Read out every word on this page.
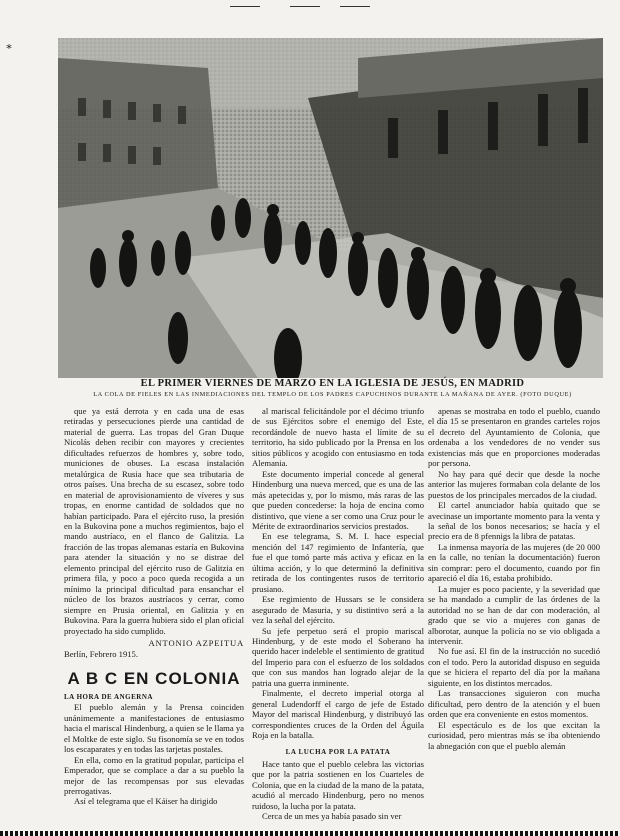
⁎
EL PRIMER VIERNES DE MARZO EN LA IGLESIA DE JESÚS, EN MADRID
LA COLA DE FIELES EN LAS INMEDIACIONES DEL TEMPLO DE LOS PADRES CAPUCHINOS DURANTE LA MAÑANA DE AYER. (FOTO DUQUE)

que ya está derrota y en cada una de esas retiradas y persecuciones pierde una cantidad de material de guerra. Las tropas del Gran Duque Nicolás deben recibir con mayores y crecientes dificultades refuerzos de hombres y, sobre todo, municiones de obuses. La escasa instalación metalúrgica de Rusia hace que sea tributaria de otros países. Una brecha de su escasez, sobre todo en material de aprovisionamiento de víveres y sus tropas, en enorme cantidad de soldados que no habían participado. Para el ejército ruso, la presión en la Bukovina pone a muchos regimientos, bajo el mando austríaco, en el flanco de Galitzia. La fracción de las tropas alemanas estaría en Bukovina para atender la situación y no se distrae del elemento principal del ejército ruso de Galitzia en primera fila, y poco a poco queda recogida a un mínimo la principal dificultad para ensanchar el núcleo de los brazos austríacos y cerrar, como siempre en Prusia oriental, en Galitzia y en Bukovina. Para la guerra hubiera sido el plan oficial proyectado ha sido cumplido.

ANTONIO AZPEITUA
Berlín, Febrero 1915.
A B C EN COLONIA

LA HORA DE ANGERNA

El pueblo alemán y la Prensa coinciden unánimemente a manifestaciones de entusiasmo hacia el mariscal Hindenburg, a quien se le llama ya el Moltke de este siglo. Su fisonomía se ve en todos los escaparates y en todas las tarjetas postales.

En ella, como en la gratitud popular, participa el Emperador, que se complace a dar a su pueblo la mejor de las recompensas por sus elevadas prerrogativas.

Así el telegrama que el Káiser ha dirigido

al mariscal felicitándole por el décimo triunfo de sus Ejércitos sobre el enemigo del Este, recordándole de nuevo hasta el límite de su territorio, ha sido publicado por la Prensa en los sitios públicos y acogido con entusiasmo en toda Alemania.

Este documento imperial concede al general Hindenburg una nueva merced, que es una de las más apetecidas y, por lo mismo, más raras de las que pueden concederse: la hoja de encina como distintivo, que viene a ser como una Cruz pour le Mérite de extraordinarios servicios prestados.

En ese telegrama, S. M. I. hace especial mención del 147 regimiento de Infantería, que fue el que tomó parte más activa y eficaz en la última acción, y lo que determinó la definitiva retirada de los contingentes rusos de territorio prusiano.

Ese regimiento de Hussars se le considera asegurado de Masuria, y su distintivo será a la vez la señal del ejército.

Su jefe perpetuo será el propio mariscal Hindenburg, y de este modo el Soberano ha querido hacer indeleble el sentimiento de gratitud del Imperio para con el esfuerzo de los soldados que con sus mandos han logrado alejar de la patria una guerra inminente.

Finalmente, el decreto imperial otorga al general Ludendorff el cargo de jefe de Estado Mayor del mariscal Hindenburg, y distribuyó las correspondientes cruces de la Orden del Águila Roja en la batalla.

LA LUCHA POR LA PATATA

Hace tanto que el pueblo celebra las victorias que por la patria sostienen en los Cuarteles de Colonia, que en la ciudad de la mano de la patata, acudió al mercado Hindenburg, pero no menos ruidoso, la lucha por la patata.

Cerca de un mes ya había pasado sin ver

apenas se mostraba en todo el pueblo, cuando el día 15 se presentaron en grandes carteles rojos el decreto del Ayuntamiento de Colonia, que ordenaba a los vendedores de no vender sus existencias más que en proporciones moderadas por persona.

No hay para qué decir que desde la noche anterior las mujeres formaban cola delante de los puestos de los principales mercados de la ciudad.

El cartel anunciador había quitado que se avecinase un importante momento para la venta y la señal de los bonos necesarios; se hacía y el precio era de 8 pfennigs la libra de patatas.

La inmensa mayoría de las mujeres (de 20 000 en la calle, no tenían la documentación) fueron sin comprar: pero el documento, cuando por fin apareció el día 16, estaba prohibido.

La mujer es poco paciente, y la severidad que se ha mandado a cumplir de las órdenes de la autoridad no se han de dar con moderación, al grado que se vio a mujeres con ganas de alborotar, aunque la policía no se vio obligada a intervenir.

No fue así. El fin de la instrucción no sucedió con el todo. Pero la autoridad dispuso en seguida que se hiciera el reparto del día por la mañana siguiente, en los distintos mercados.

Las transacciones siguieron con mucha dificultad, pero dentro de la atención y el buen orden que era conveniente en estos momentos.

El espectáculo es de los que excitan la curiosidad, pero mientras más se iba obteniendo la abnegación con que el pueblo alemán
